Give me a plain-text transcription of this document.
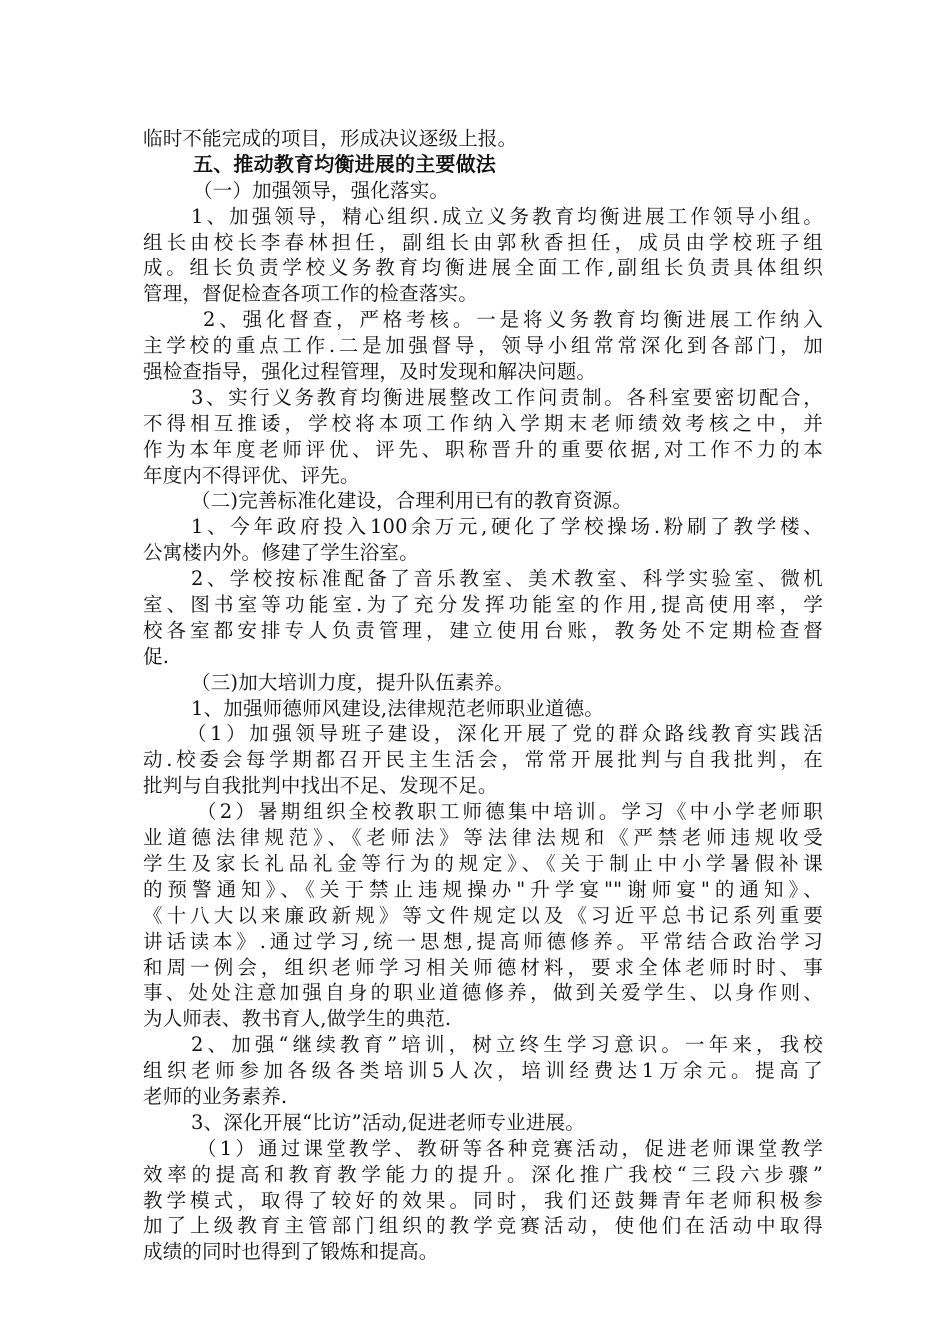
临时不能完成的项目，形成决议逐级上报。
五、推动教育均衡进展的主要做法
（一）加强领导，强化落实。
1、加强领导，精心组织.成立义务教育均衡进展工作领导小组。
组长由校长李春林担任，副组长由郭秋香担任，成员由学校班子组
成。组长负责学校义务教育均衡进展全面工作,副组长负责具体组织
管理，督促检查各项工作的检查落实。
2、强化督查，严格考核。一是将义务教育均衡进展工作纳入
主学校的重点工作.二是加强督导，领导小组常常深化到各部门，加
强检查指导，强化过程管理，及时发现和解决问题。
3、实行义务教育均衡进展整改工作问责制。各科室要密切配合，
不得相互推诿，学校将本项工作纳入学期末老师绩效考核之中，并
作为本年度老师评优、评先、职称晋升的重要依据,对工作不力的本
年度内不得评优、评先。
（二)完善标准化建设，合理利用已有的教育资源。
1、今年政府投入100余万元,硬化了学校操场.粉刷了教学楼、
公寓楼内外。修建了学生浴室。
2、学校按标准配备了音乐教室、美术教室、科学实验室、微机
室、图书室等功能室.为了充分发挥功能室的作用,提高使用率，学
校各室都安排专人负责管理，建立使用台账，教务处不定期检查督
促.
（三)加大培训力度，提升队伍素养。
1、加强师德师风建设,法律规范老师职业道德。
（1）加强领导班子建设，深化开展了党的群众路线教育实践活
动.校委会每学期都召开民主生活会，常常开展批判与自我批判，在
批判与自我批判中找出不足、发现不足。
（2）暑期组织全校教职工师德集中培训。学习《中小学老师职
业道德法律规范》、《老师法》等法律法规和《严禁老师违规收受
学生及家长礼品礼金等行为的规定》、《关于制止中小学暑假补课
的预警通知》、《关于禁止违规操办"升学宴""谢师宴"的通知》、
《十八大以来廉政新规》等文件规定以及《习近平总书记系列重要
讲话读本》.通过学习,统一思想,提高师德修养。平常结合政治学习
和周一例会，组织老师学习相关师德材料，要求全体老师时时、事
事、处处注意加强自身的职业道德修养，做到关爱学生、以身作则、
为人师表、教书育人,做学生的典范.
2、加强“继续教育”培训，树立终生学习意识。一年来，我校
组织老师参加各级各类培训5人次，培训经费达1万余元。提高了
老师的业务素养.
3、深化开展“比访”活动,促进老师专业进展。
（1）通过课堂教学、教研等各种竞赛活动，促进老师课堂教学
效率的提高和教育教学能力的提升。深化推广我校“三段六步骤”
教学模式，取得了较好的效果。同时，我们还鼓舞青年老师积极参
加了上级教育主管部门组织的教学竞赛活动，使他们在活动中取得
成绩的同时也得到了锻炼和提高。
